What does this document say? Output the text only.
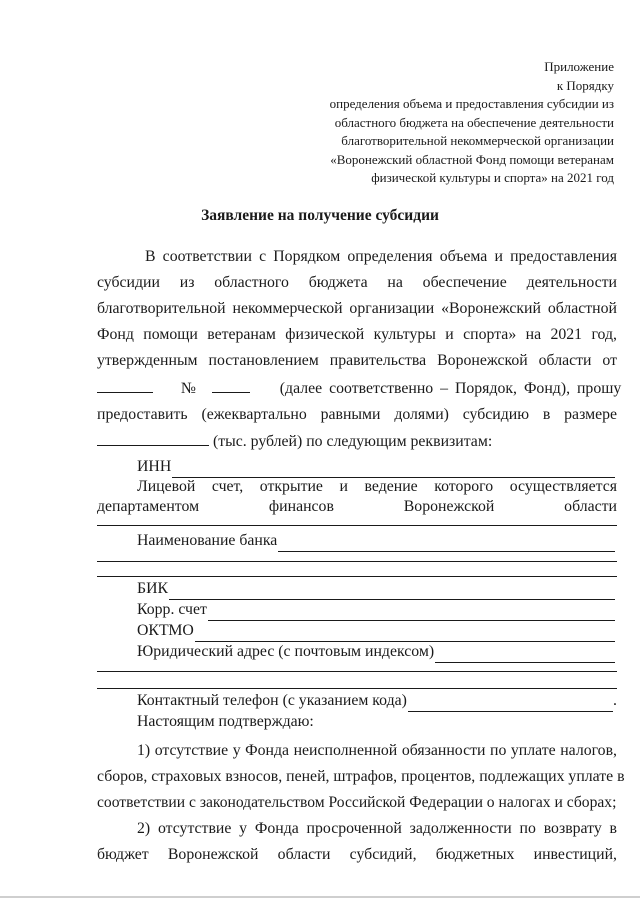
Приложение
к Порядку
определения объема и предоставления субсидии из
областного бюджета на обеспечение деятельности
благотворительной некоммерческой организации
«Воронежский областной Фонд помощи ветеранам
физической культуры и спорта» на 2021 год
Заявление на получение субсидии
В соответствии с Порядком определения объема и предоставления
субсидии из областного бюджета на обеспечение деятельности
благотворительной некоммерческой организации «Воронежский областной
Фонд помощи ветеранам физической культуры и спорта» на 2021 год,
утвержденным постановлением правительства Воронежской области от
№	(далее соответственно – Порядок, Фонд), прошу
предоставить (ежеквартально равными долями) субсидию в размере
(тыс. рублей) по следующим реквизитам:
ИНН
Лицевой счет, открытие и ведение которого осуществляется
департаментом финансов Воронежской области
Наименование банка
БИК
Корр. счет
ОКТМО
Юридический адрес (с почтовым индексом)
Контактный телефон (с указанием кода)	.
Настоящим подтверждаю:
1) отсутствие у Фонда неисполненной обязанности по уплате налогов,
сборов, страховых взносов, пеней, штрафов, процентов, подлежащих уплате в
соответствии с законодательством Российской Федерации о налогах и сборах;
2) отсутствие у Фонда просроченной задолженности по возврату в
бюджет Воронежской области субсидий, бюджетных инвестиций,
